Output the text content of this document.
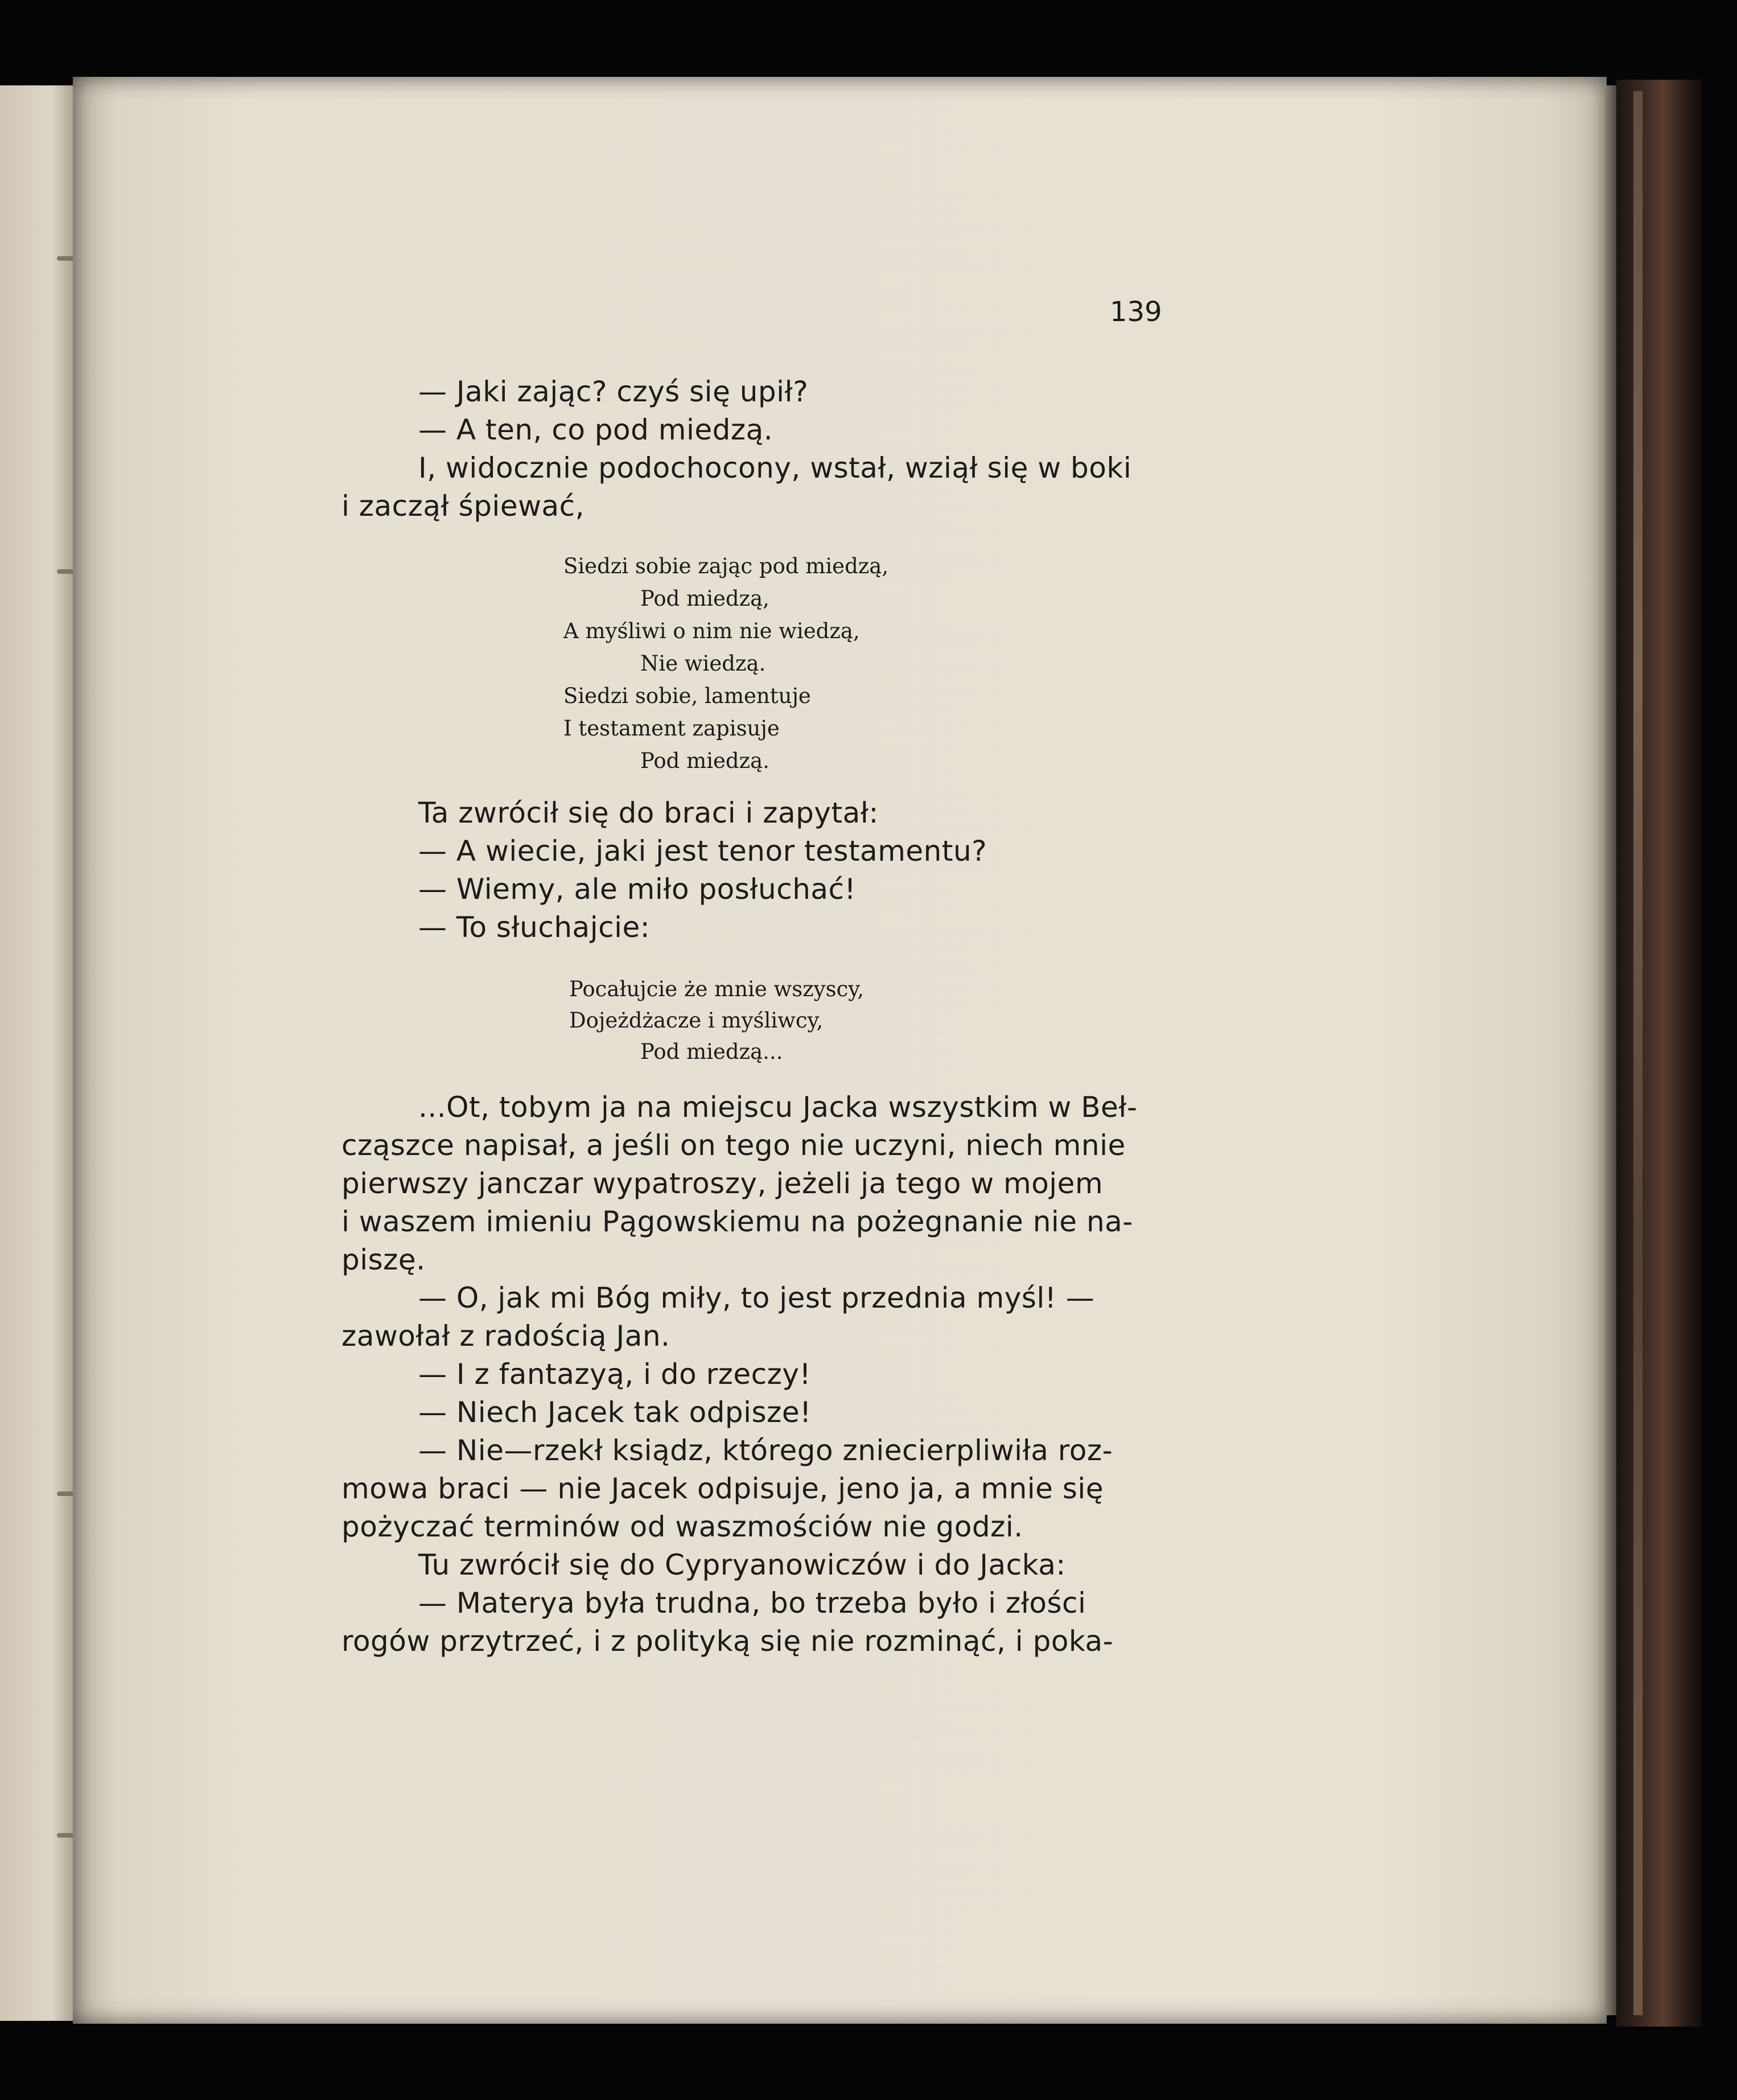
139
— Jaki zając? czyś się upił?
— A ten, co pod miedzą.
I, widocznie podochocony, wstał, wziął się w boki
i zaczął śpiewać,
Siedzi sobie zając pod miedzą,
Pod miedzą,
A myśliwi o nim nie wiedzą,
Nie wiedzą.
Siedzi sobie, lamentuje
I testament zapisuje
Pod miedzą.
Ta zwrócił się do braci i zapytał:
— A wiecie, jaki jest tenor testamentu?
— Wiemy, ale miło posłuchać!
— To słuchajcie:
Pocałujcie że mnie wszyscy,
Dojeżdżacze i myśliwcy,
Pod miedzą...
...Ot, tobym ja na miejscu Jacka wszystkim w Beł-
cząszce napisał, a jeśli on tego nie uczyni, niech mnie
pierwszy janczar wypatroszy, jeżeli ja tego w mojem
i waszem imieniu Pągowskiemu na pożegnanie nie na-
piszę.
— O, jak mi Bóg miły, to jest przednia myśl! —
zawołał z radością Jan.
— I z fantazyą, i do rzeczy!
— Niech Jacek tak odpisze!
— Nie—rzekł ksiądz, którego zniecierpliwiła roz-
mowa braci — nie Jacek odpisuje, jeno ja, a mnie się
pożyczać terminów od waszmościów nie godzi.
Tu zwrócił się do Cypryanowiczów i do Jacka:
— Materya była trudna, bo trzeba było i złości
rogów przytrzeć, i z polityką się nie rozminąć, i poka-
